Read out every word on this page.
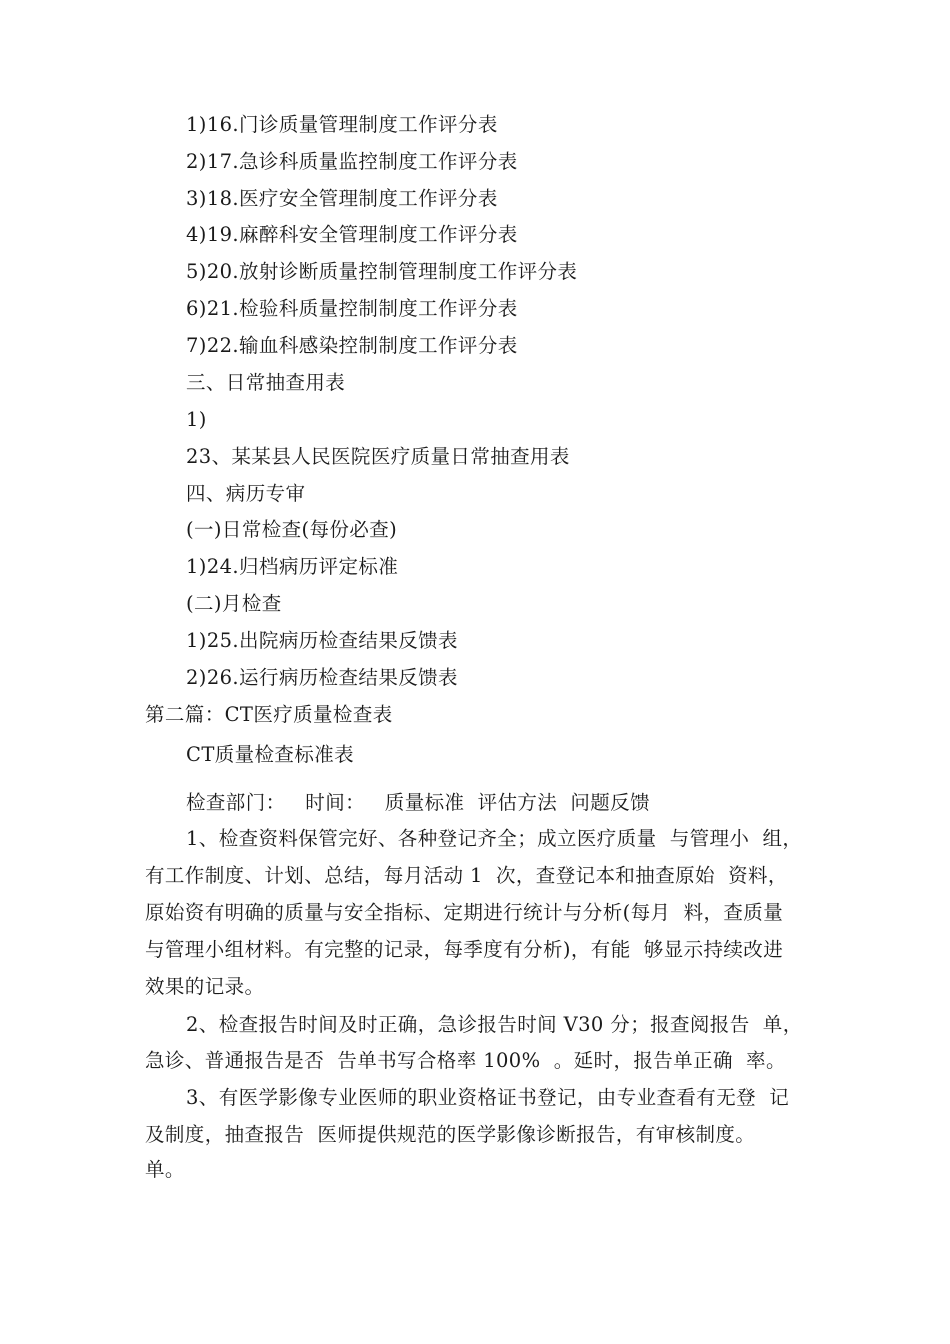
1)16.门诊质量管理制度工作评分表
2)17.急诊科质量监控制度工作评分表
3)18.医疗安全管理制度工作评分表
4)19.麻醉科安全管理制度工作评分表
5)20.放射诊断质量控制管理制度工作评分表
6)21.检验科质量控制制度工作评分表
7)22.输血科感染控制制度工作评分表
三、日常抽查用表
1)
23、某某县人民医院医疗质量日常抽查用表
四、病历专审
(一)日常检查(每份必查)
1)24.归档病历评定标准
(二)月检查
1)25.出院病历检查结果反馈表
2)26.运行病历检查结果反馈表
第二篇：CT医疗质量检查表
CT质量检查标准表
检查部门：   时间：   质量标准  评估方法  问题反馈
1、检查资料保管完好、各种登记齐全；成立医疗质量  与管理小  组，
有工作制度、计划、总结，每月活动 1  次，查登记本和抽查原始  资料，
原始资有明确的质量与安全指标、定期进行统计与分析(每月  料，查质量
与管理小组材料。有完整的记录，每季度有分析)，有能  够显示持续改进
效果的记录。
2、检查报告时间及时正确，急诊报告时间 V30 分；报查阅报告  单，
急诊、普通报告是否  告单书写合格率 100%  。延时，报告单正确  率。
3、有医学影像专业医师的职业资格证书登记，由专业查看有无登  记
及制度，抽查报告  医师提供规范的医学影像诊断报告，有审核制度。
单。
